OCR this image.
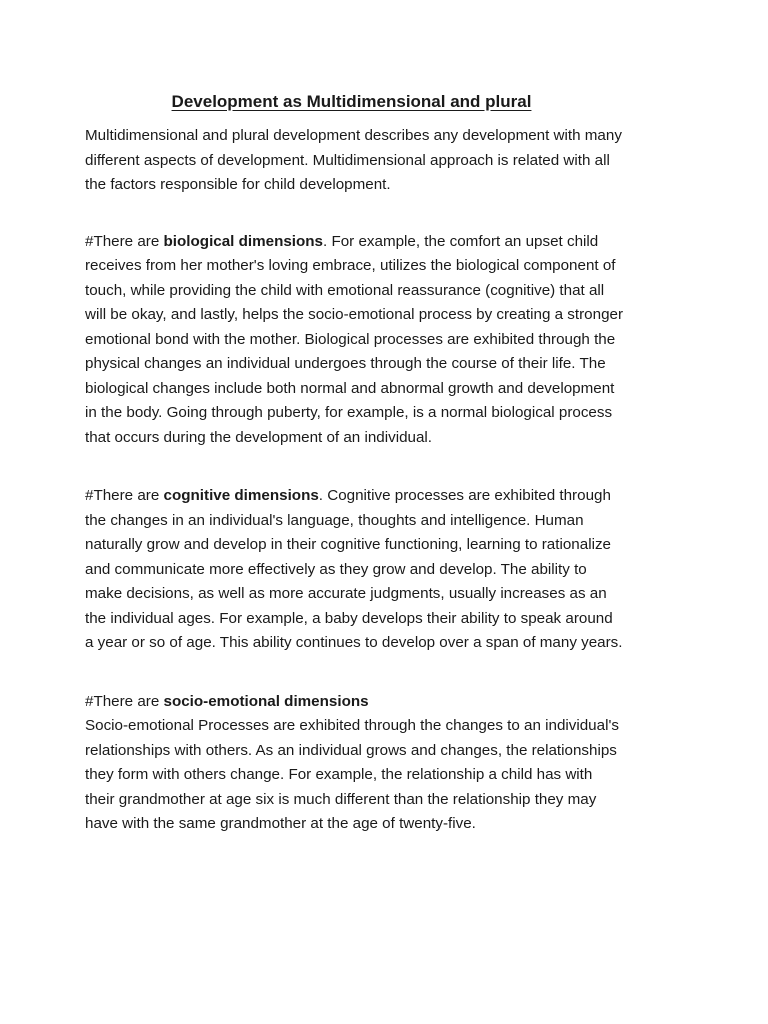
Development as Multidimensional and plural

Multidimensional and plural development describes any development with many different aspects of development. Multidimensional approach is related with all the factors responsible for child development.

#There are biological dimensions. For example, the comfort an upset child receives from her mother's loving embrace, utilizes the biological component of touch, while providing the child with emotional reassurance (cognitive) that all will be okay, and lastly, helps the socio-emotional process by creating a stronger emotional bond with the mother. Biological processes are exhibited through the physical changes an individual undergoes through the course of their life. The biological changes include both normal and abnormal growth and development in the body. Going through puberty, for example, is a normal biological process that occurs during the development of an individual.

#There are cognitive dimensions. Cognitive processes are exhibited through the changes in an individual's language, thoughts and intelligence. Human naturally grow and develop in their cognitive functioning, learning to rationalize and communicate more effectively as they grow and develop. The ability to make decisions, as well as more accurate judgments, usually increases as an the individual ages. For example, a baby develops their ability to speak around a year or so of age. This ability continues to develop over a span of many years.

#There are socio-emotional dimensions
Socio-emotional Processes are exhibited through the changes to an individual's relationships with others. As an individual grows and changes, the relationships they form with others change. For example, the relationship a child has with their grandmother at age six is much different than the relationship they may have with the same grandmother at the age of twenty-five.
